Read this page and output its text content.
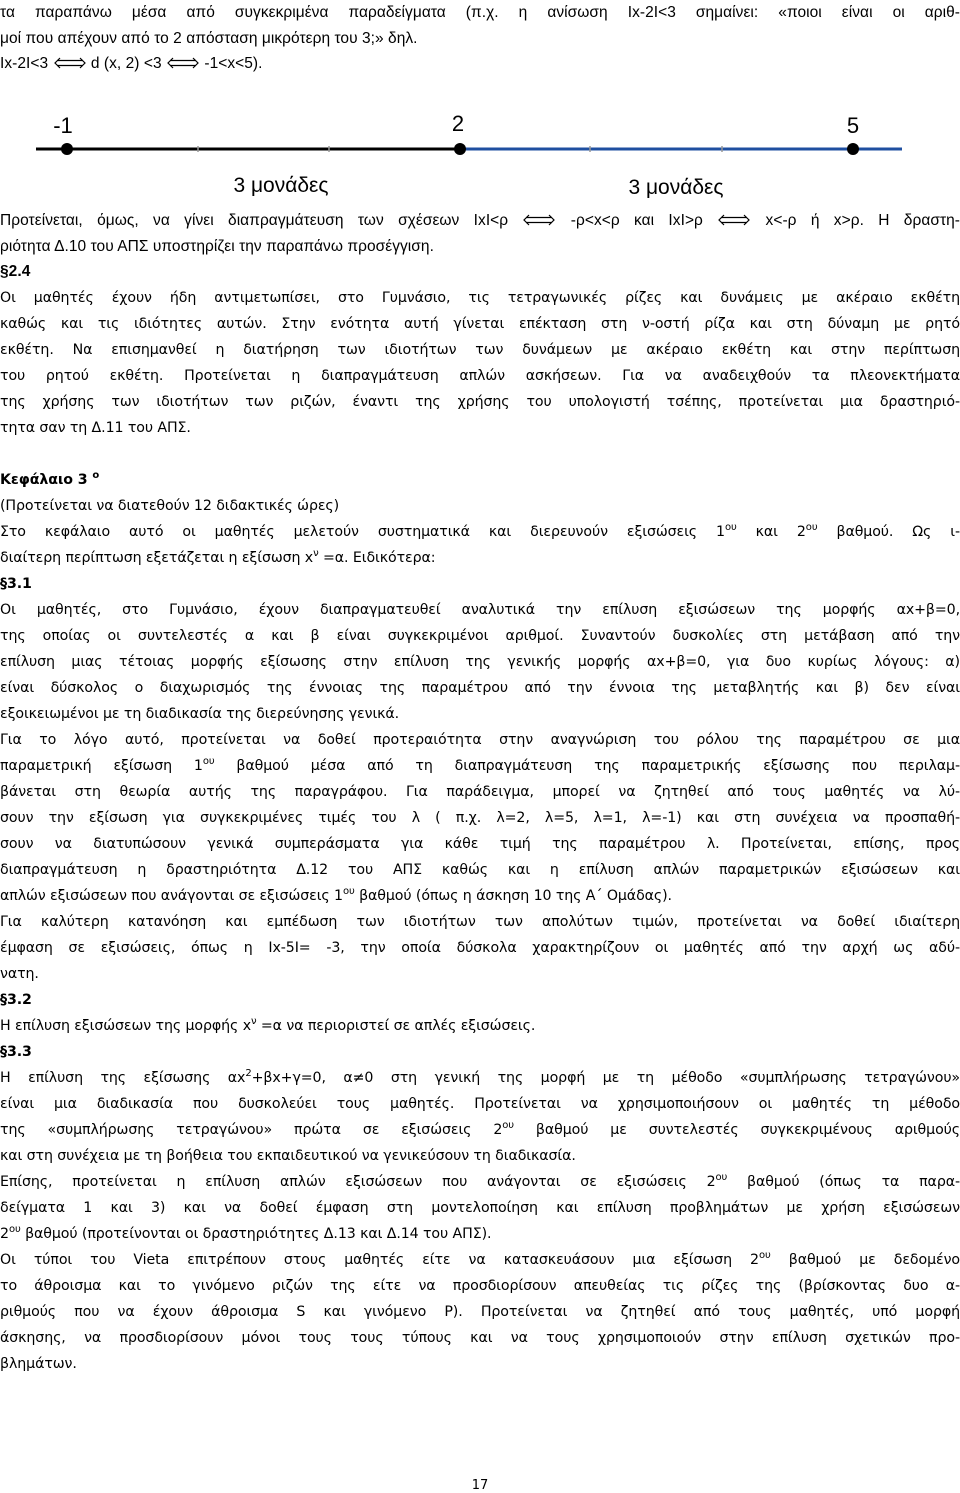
τα παραπάνω μέσα από συγκεκριμένα παραδείγματα (π.χ. η ανίσωση Ιx-2Ι<3 σημαίνει: «ποιοι είναι οι αριθ-

μοί που απέχουν από το 2 απόσταση μικρότερη του 3;» δηλ.

Ιx-2Ι<3	d (x, 2) <3	-1<x<5).

-1	2	5
3 μονάδες	3 μονάδες

Προτείνεται, όμως, να γίνει διαπραγμάτευση των σχέσεων ΙxΙ<ρ	-ρ<x<ρ και ΙxΙ>ρ	x<-ρ ή x>ρ. Η δραστη-

ριότητα Δ.10 του ΑΠΣ υποστηρίζει την παραπάνω προσέγγιση.

§2.4

Οι μαθητές έχουν ήδη αντιμετωπίσει, στο Γυμνάσιο, τις τετραγωνικές ρίζες και δυνάμεις με ακέραιο εκθέτη

καθώς και τις ιδιότητες αυτών. Στην ενότητα αυτή γίνεται επέκταση στη ν-οστή ρίζα και στη δύναμη με ρητό

εκθέτη. Να επισημανθεί η διατήρηση των ιδιοτήτων των δυνάμεων με ακέραιο εκθέτη και στην περίπτωση

του ρητού εκθέτη. Προτείνεται η διαπραγμάτευση απλών ασκήσεων. Για να αναδειχθούν τα πλεονεκτήματα

της χρήσης των ιδιοτήτων των ριζών, έναντι της χρήσης του υπολογιστή τσέπης, προτείνεται μια δραστηριό-

τητα σαν τη Δ.11 του ΑΠΣ.

Κεφάλαιο 3 $^o$

(Προτείνεται να διατεθούν 12 διδακτικές ώρες)

Στο κεφάλαιο αυτό οι μαθητές μελετούν συστηματικά και διερευνούν εξισώσεις $1^{o\upsilon}$ και $2^{o\upsilon}$ βαθμού. Ως ι-

διαίτερη περίπτωση εξετάζεται η εξίσωση $x^\nu =\alpha$. Ειδικότερα:

§3.1

Οι μαθητές, στο Γυμνάσιο, έχουν διαπραγματευθεί αναλυτικά την επίλυση εξισώσεων της μορφής αx+β=0,

της οποίας οι συντελεστές α και β είναι συγκεκριμένοι αριθμοί. Συναντούν δυσκολίες στη μετάβαση από την

επίλυση μιας τέτοιας μορφής εξίσωσης στην επίλυση της γενικής μορφής αx+β=0, για δυο κυρίως λόγους: α)

είναι δύσκολος ο διαχωρισμός της έννοιας της παραμέτρου από την έννοια της μεταβλητής και β) δεν είναι

εξοικειωμένοι με τη διαδικασία της διερεύνησης γενικά.

Για το λόγο αυτό, προτείνεται να δοθεί προτεραιότητα στην αναγνώριση του ρόλου της παραμέτρου σε μια

παραμετρική εξίσωση $1^{o\upsilon}$ βαθμού μέσα από τη διαπραγμάτευση της παραμετρικής εξίσωσης που περιλαμ-

βάνεται στη θεωρία αυτής της παραγράφου. Για παράδειγμα, μπορεί να ζητηθεί από τους μαθητές να λύ-

σουν την εξίσωση για συγκεκριμένες τιμές του λ ( π.χ. λ=2, λ=5, λ=1, λ=-1) και στη συνέχεια να προσπαθή-

σουν να διατυπώσουν γενικά συμπεράσματα για κάθε τιμή της παραμέτρου λ. Προτείνεται, επίσης, προς

διαπραγμάτευση η δραστηριότητα Δ.12 του ΑΠΣ καθώς και η επίλυση απλών παραμετρικών εξισώσεων και

απλών εξισώσεων που ανάγονται σε εξισώσεις $1^{o\upsilon}$ βαθμού (όπως η άσκηση 10 της Α΄ Ομάδας).

Για καλύτερη κατανόηση και εμπέδωση των ιδιοτήτων των απολύτων τιμών, προτείνεται να δοθεί ιδιαίτερη

έμφαση σε εξισώσεις, όπως η Ιx-5Ι= -3, την οποία δύσκολα χαρακτηρίζουν οι μαθητές από την αρχή ως αδύ-

νατη.

§3.2

Η επίλυση εξισώσεων της μορφής $x^\nu =\alpha$ να περιοριστεί σε απλές εξισώσεις.

§3.3

Η επίλυση της εξίσωσης $\alpha x^2+\beta x+\gamma=0$, α≠0 στη γενική της μορφή με τη μέθοδο «συμπλήρωσης τετραγώνου»

είναι μια διαδικασία που δυσκολεύει τους μαθητές. Προτείνεται να χρησιμοποιήσουν οι μαθητές τη μέθοδο

της «συμπλήρωσης τετραγώνου» πρώτα σε εξισώσεις $2^{o\upsilon}$ βαθμού με συντελεστές συγκεκριμένους αριθμούς

και στη συνέχεια με τη βοήθεια του εκπαιδευτικού να γενικεύσουν τη διαδικασία.

Επίσης, προτείνεται η επίλυση απλών εξισώσεων που ανάγονται σε εξισώσεις $2^{o\upsilon}$ βαθμού (όπως τα παρα-

δείγματα 1 και 3) και να δοθεί έμφαση στη μοντελοποίηση και επίλυση προβλημάτων με χρήση εξισώσεων

$2^{o\upsilon}$ βαθμού (προτείνονται οι δραστηριότητες Δ.13 και Δ.14 του ΑΠΣ).

Οι τύποι του Vieta επιτρέπουν στους μαθητές είτε να κατασκευάσουν μια εξίσωση $2^{o\upsilon}$ βαθμού με δεδομένο

το άθροισμα και το γινόμενο ριζών της είτε να προσδιορίσουν απευθείας τις ρίζες της (βρίσκοντας δυο α-

ριθμούς που να έχουν άθροισμα S και γινόμενο P). Προτείνεται να ζητηθεί από τους μαθητές, υπό μορφή

άσκησης, να προσδιορίσουν μόνοι τους τους τύπους και να τους χρησιμοποιούν στην επίλυση σχετικών προ-

βλημάτων.

17
